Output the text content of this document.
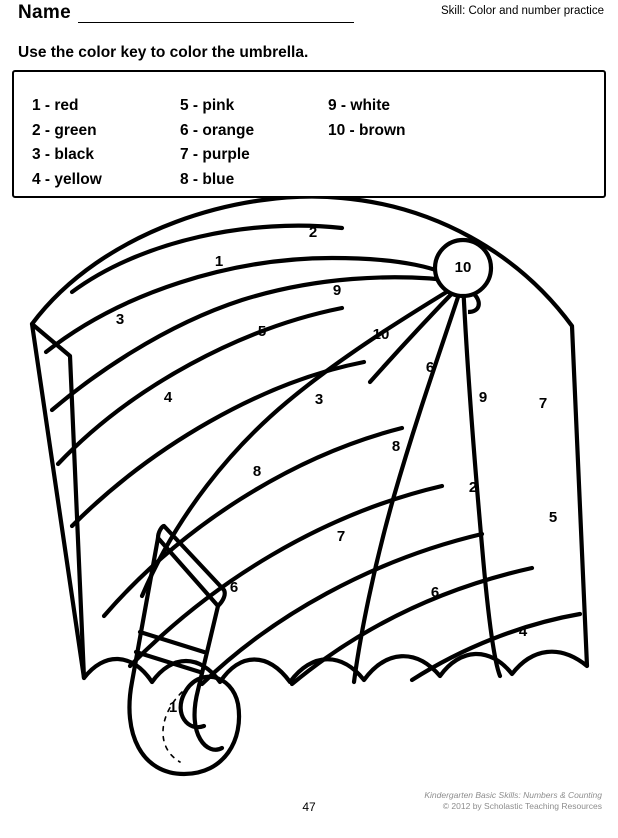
Name	Skill: Color and number practice
Use the color key to color the umbrella.
1 - red
2 - green
3 - black
4 - yellow
5 - pink
6 - orange
7 - purple
8 - blue
9 - white
10 - brown
2
1	10
9
3
5	10
6
4	3	9	7
8
8
2
5
7
6	6
4
1
47
Kindergarten Basic Skills: Numbers & Counting
© 2012 by Scholastic Teaching Resources
